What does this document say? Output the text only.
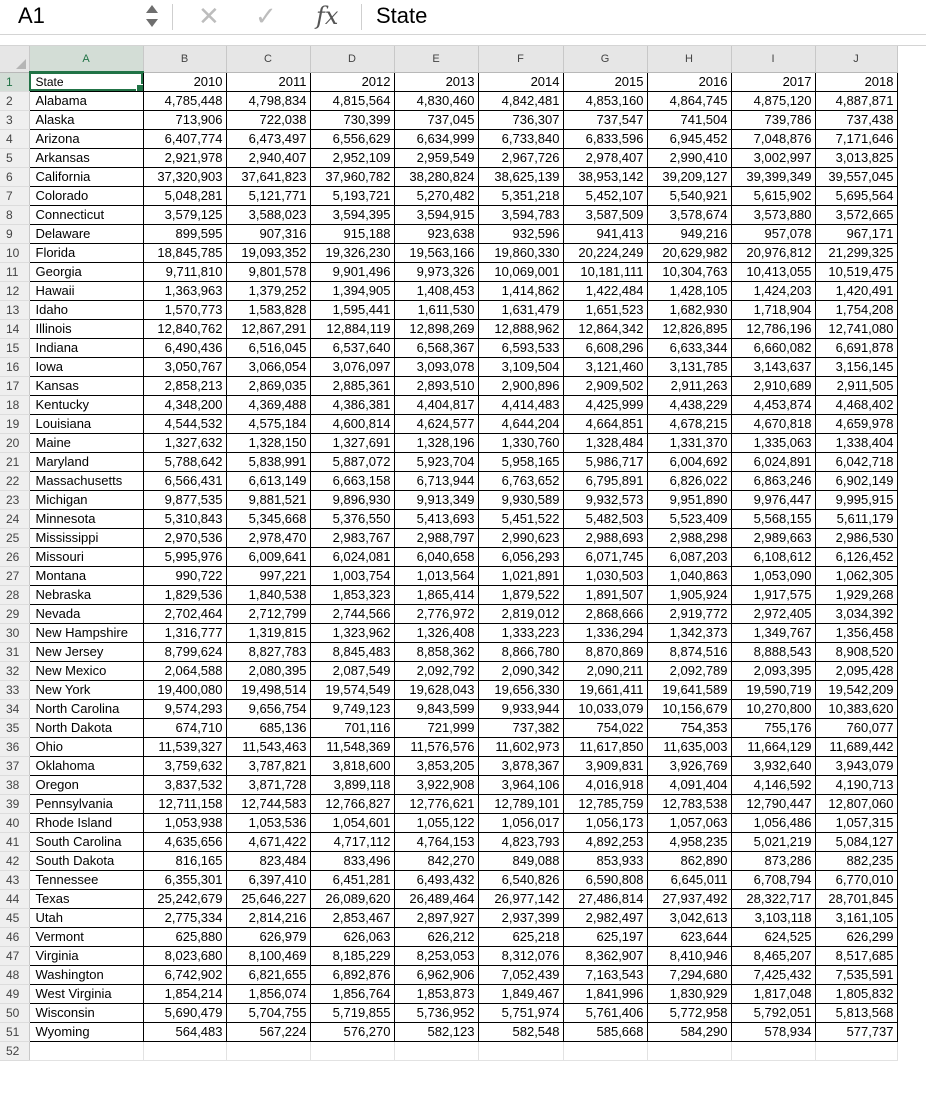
A1	✕ ✓ fx State
	A	B	C	D	E	F	G	H	I	J
1	State	2010	2011	2012	2013	2014	2015	2016	2017	2018
2	Alabama	4,785,448	4,798,834	4,815,564	4,830,460	4,842,481	4,853,160	4,864,745	4,875,120	4,887,871
3	Alaska	713,906	722,038	730,399	737,045	736,307	737,547	741,504	739,786	737,438
4	Arizona	6,407,774	6,473,497	6,556,629	6,634,999	6,733,840	6,833,596	6,945,452	7,048,876	7,171,646
5	Arkansas	2,921,978	2,940,407	2,952,109	2,959,549	2,967,726	2,978,407	2,990,410	3,002,997	3,013,825
6	California	37,320,903	37,641,823	37,960,782	38,280,824	38,625,139	38,953,142	39,209,127	39,399,349	39,557,045
7	Colorado	5,048,281	5,121,771	5,193,721	5,270,482	5,351,218	5,452,107	5,540,921	5,615,902	5,695,564
8	Connecticut	3,579,125	3,588,023	3,594,395	3,594,915	3,594,783	3,587,509	3,578,674	3,573,880	3,572,665
9	Delaware	899,595	907,316	915,188	923,638	932,596	941,413	949,216	957,078	967,171
10	Florida	18,845,785	19,093,352	19,326,230	19,563,166	19,860,330	20,224,249	20,629,982	20,976,812	21,299,325
11	Georgia	9,711,810	9,801,578	9,901,496	9,973,326	10,069,001	10,181,111	10,304,763	10,413,055	10,519,475
12	Hawaii	1,363,963	1,379,252	1,394,905	1,408,453	1,414,862	1,422,484	1,428,105	1,424,203	1,420,491
13	Idaho	1,570,773	1,583,828	1,595,441	1,611,530	1,631,479	1,651,523	1,682,930	1,718,904	1,754,208
14	Illinois	12,840,762	12,867,291	12,884,119	12,898,269	12,888,962	12,864,342	12,826,895	12,786,196	12,741,080
15	Indiana	6,490,436	6,516,045	6,537,640	6,568,367	6,593,533	6,608,296	6,633,344	6,660,082	6,691,878
16	Iowa	3,050,767	3,066,054	3,076,097	3,093,078	3,109,504	3,121,460	3,131,785	3,143,637	3,156,145
17	Kansas	2,858,213	2,869,035	2,885,361	2,893,510	2,900,896	2,909,502	2,911,263	2,910,689	2,911,505
18	Kentucky	4,348,200	4,369,488	4,386,381	4,404,817	4,414,483	4,425,999	4,438,229	4,453,874	4,468,402
19	Louisiana	4,544,532	4,575,184	4,600,814	4,624,577	4,644,204	4,664,851	4,678,215	4,670,818	4,659,978
20	Maine	1,327,632	1,328,150	1,327,691	1,328,196	1,330,760	1,328,484	1,331,370	1,335,063	1,338,404
21	Maryland	5,788,642	5,838,991	5,887,072	5,923,704	5,958,165	5,986,717	6,004,692	6,024,891	6,042,718
22	Massachusetts	6,566,431	6,613,149	6,663,158	6,713,944	6,763,652	6,795,891	6,826,022	6,863,246	6,902,149
23	Michigan	9,877,535	9,881,521	9,896,930	9,913,349	9,930,589	9,932,573	9,951,890	9,976,447	9,995,915
24	Minnesota	5,310,843	5,345,668	5,376,550	5,413,693	5,451,522	5,482,503	5,523,409	5,568,155	5,611,179
25	Mississippi	2,970,536	2,978,470	2,983,767	2,988,797	2,990,623	2,988,693	2,988,298	2,989,663	2,986,530
26	Missouri	5,995,976	6,009,641	6,024,081	6,040,658	6,056,293	6,071,745	6,087,203	6,108,612	6,126,452
27	Montana	990,722	997,221	1,003,754	1,013,564	1,021,891	1,030,503	1,040,863	1,053,090	1,062,305
28	Nebraska	1,829,536	1,840,538	1,853,323	1,865,414	1,879,522	1,891,507	1,905,924	1,917,575	1,929,268
29	Nevada	2,702,464	2,712,799	2,744,566	2,776,972	2,819,012	2,868,666	2,919,772	2,972,405	3,034,392
30	New Hampshire	1,316,777	1,319,815	1,323,962	1,326,408	1,333,223	1,336,294	1,342,373	1,349,767	1,356,458
31	New Jersey	8,799,624	8,827,783	8,845,483	8,858,362	8,866,780	8,870,869	8,874,516	8,888,543	8,908,520
32	New Mexico	2,064,588	2,080,395	2,087,549	2,092,792	2,090,342	2,090,211	2,092,789	2,093,395	2,095,428
33	New York	19,400,080	19,498,514	19,574,549	19,628,043	19,656,330	19,661,411	19,641,589	19,590,719	19,542,209
34	North Carolina	9,574,293	9,656,754	9,749,123	9,843,599	9,933,944	10,033,079	10,156,679	10,270,800	10,383,620
35	North Dakota	674,710	685,136	701,116	721,999	737,382	754,022	754,353	755,176	760,077
36	Ohio	11,539,327	11,543,463	11,548,369	11,576,576	11,602,973	11,617,850	11,635,003	11,664,129	11,689,442
37	Oklahoma	3,759,632	3,787,821	3,818,600	3,853,205	3,878,367	3,909,831	3,926,769	3,932,640	3,943,079
38	Oregon	3,837,532	3,871,728	3,899,118	3,922,908	3,964,106	4,016,918	4,091,404	4,146,592	4,190,713
39	Pennsylvania	12,711,158	12,744,583	12,766,827	12,776,621	12,789,101	12,785,759	12,783,538	12,790,447	12,807,060
40	Rhode Island	1,053,938	1,053,536	1,054,601	1,055,122	1,056,017	1,056,173	1,057,063	1,056,486	1,057,315
41	South Carolina	4,635,656	4,671,422	4,717,112	4,764,153	4,823,793	4,892,253	4,958,235	5,021,219	5,084,127
42	South Dakota	816,165	823,484	833,496	842,270	849,088	853,933	862,890	873,286	882,235
43	Tennessee	6,355,301	6,397,410	6,451,281	6,493,432	6,540,826	6,590,808	6,645,011	6,708,794	6,770,010
44	Texas	25,242,679	25,646,227	26,089,620	26,489,464	26,977,142	27,486,814	27,937,492	28,322,717	28,701,845
45	Utah	2,775,334	2,814,216	2,853,467	2,897,927	2,937,399	2,982,497	3,042,613	3,103,118	3,161,105
46	Vermont	625,880	626,979	626,063	626,212	625,218	625,197	623,644	624,525	626,299
47	Virginia	8,023,680	8,100,469	8,185,229	8,253,053	8,312,076	8,362,907	8,410,946	8,465,207	8,517,685
48	Washington	6,742,902	6,821,655	6,892,876	6,962,906	7,052,439	7,163,543	7,294,680	7,425,432	7,535,591
49	West Virginia	1,854,214	1,856,074	1,856,764	1,853,873	1,849,467	1,841,996	1,830,929	1,817,048	1,805,832
50	Wisconsin	5,690,479	5,704,755	5,719,855	5,736,952	5,751,974	5,761,406	5,772,958	5,792,051	5,813,568
51	Wyoming	564,483	567,224	576,270	582,123	582,548	585,668	584,290	578,934	577,737
52										
